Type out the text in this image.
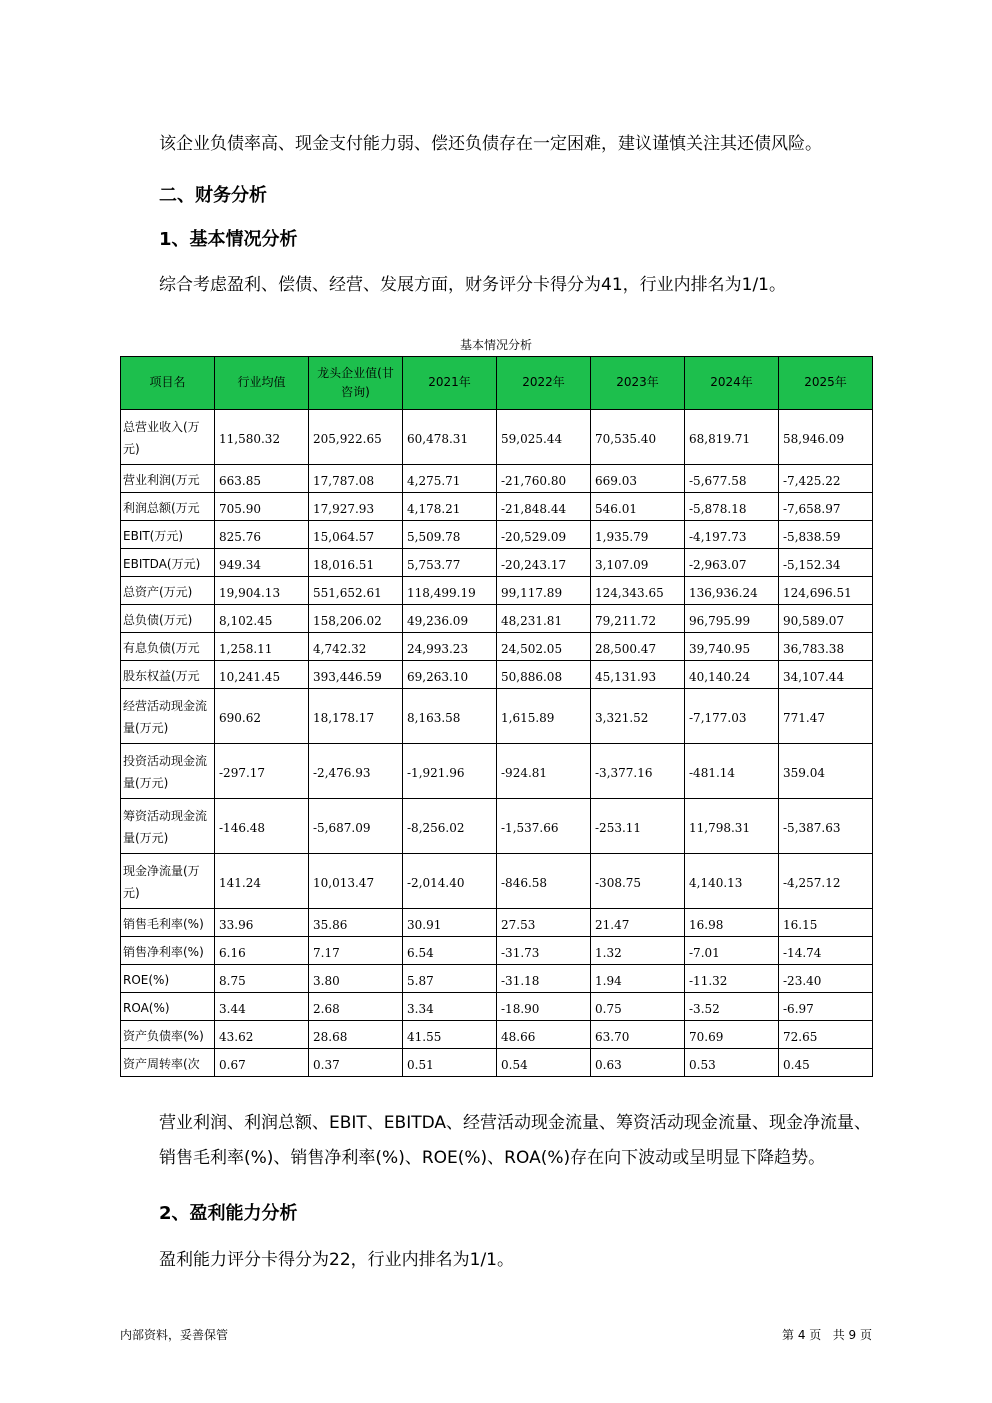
该企业负债率高、现金支付能力弱、偿还负债存在一定困难，建议谨慎关注其还债风险。
二、财务分析
1、基本情况分析
综合考虑盈利、偿债、经营、发展方面，财务评分卡得分为41，行业内排名为1/1。
基本情况分析
项目名	行业均值	龙头企业值(甘咨询)	2021年	2022年	2023年	2024年	2025年
总营业收入(万元)	11,580.32	205,922.65	60,478.31	59,025.44	70,535.40	68,819.71	58,946.09
营业利润(万元	663.85	17,787.08	4,275.71	-21,760.80	669.03	-5,677.58	-7,425.22
利润总额(万元	705.90	17,927.93	4,178.21	-21,848.44	546.01	-5,878.18	-7,658.97
EBIT(万元)	825.76	15,064.57	5,509.78	-20,529.09	1,935.79	-4,197.73	-5,838.59
EBITDA(万元)	949.34	18,016.51	5,753.77	-20,243.17	3,107.09	-2,963.07	-5,152.34
总资产(万元)	19,904.13	551,652.61	118,499.19	99,117.89	124,343.65	136,936.24	124,696.51
总负债(万元)	8,102.45	158,206.02	49,236.09	48,231.81	79,211.72	96,795.99	90,589.07
有息负债(万元	1,258.11	4,742.32	24,993.23	24,502.05	28,500.47	39,740.95	36,783.38
股东权益(万元	10,241.45	393,446.59	69,263.10	50,886.08	45,131.93	40,140.24	34,107.44
经营活动现金流量(万元)	690.62	18,178.17	8,163.58	1,615.89	3,321.52	-7,177.03	771.47
投资活动现金流量(万元)	-297.17	-2,476.93	-1,921.96	-924.81	-3,377.16	-481.14	359.04
筹资活动现金流量(万元)	-146.48	-5,687.09	-8,256.02	-1,537.66	-253.11	11,798.31	-5,387.63
现金净流量(万元)	141.24	10,013.47	-2,014.40	-846.58	-308.75	4,140.13	-4,257.12
销售毛利率(%)	33.96	35.86	30.91	27.53	21.47	16.98	16.15
销售净利率(%)	6.16	7.17	6.54	-31.73	1.32	-7.01	-14.74
ROE(%)	8.75	3.80	5.87	-31.18	1.94	-11.32	-23.40
ROA(%)	3.44	2.68	3.34	-18.90	0.75	-3.52	-6.97
资产负债率(%)	43.62	28.68	41.55	48.66	63.70	70.69	72.65
资产周转率(次	0.67	0.37	0.51	0.54	0.63	0.53	0.45
营业利润、利润总额、EBIT、EBITDA、经营活动现金流量、筹资活动现金流量、现金净流量、销售毛利率(%)、销售净利率(%)、ROE(%)、ROA(%)存在向下波动或呈明显下降趋势。
2、盈利能力分析
盈利能力评分卡得分为22，行业内排名为1/1。
内部资料，妥善保管	第 4 页   共 9 页
